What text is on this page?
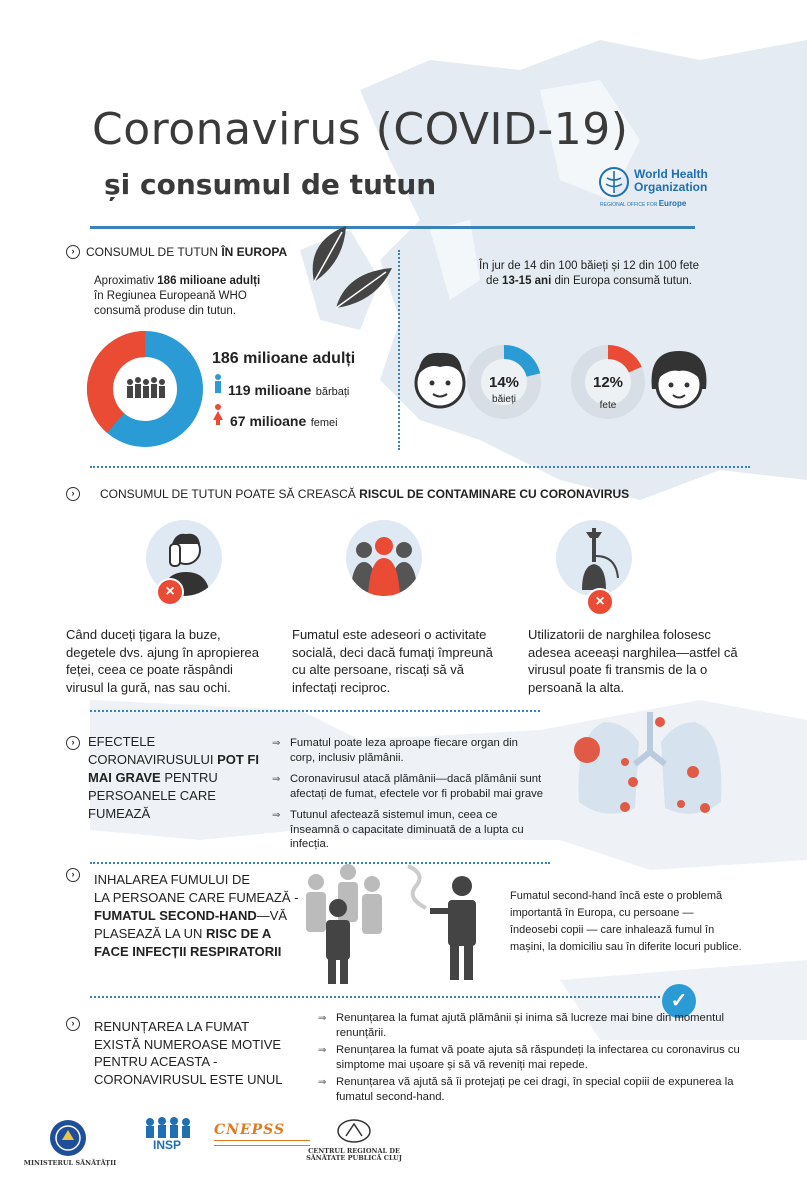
Coronavirus (COVID-19)
și consumul de tutun	World Health
Organization
REGIONAL OFFICE FOR Europe
› CONSUMUL DE TUTUN ÎN EUROPA
Aproximativ 186 milioane adulți
în Regiunea Europeană WHO
consumă produse din tutun.
186 milioane adulți
119 milioane bărbați
67 milioane femei
În jur de 14 din 100 băieți și 12 din 100 fete
de 13-15 ani din Europa consumă tutun.
14%
băieți
12%
fete
›	CONSUMUL DE TUTUN POATE SĂ CREASCĂ RISCUL DE CONTAMINARE CU CORONAVIRUS
×
×
Când duceți țigara la buze,
degetele dvs. ajung în apropierea
feței, ceea ce poate răspândi
virusul la gură, nas sau ochi.
Fumatul este adeseori o activitate
socială, deci dacă fumați împreună
cu alte persoane, riscați să vă
infectați reciproc.
Utilizatorii de narghilea folosesc
adesea aceeași narghilea—astfel că
virusul poate fi transmis de la o
persoană la alta.
›	EFECTELE
CORONAVIRUSULUI POT FI
MAI GRAVE PENTRU
PERSOANELE CARE
FUMEAZĂ
⇒ Fumatul poate leza aproape fiecare organ din
corp, inclusiv plămânii.
⇒ Coronavirusul atacă plămânii—dacă plămânii sunt
afectați de fumat, efectele vor fi probabil mai grave
⇒ Tutunul afectează sistemul imun, ceea ce
înseamnă o capacitate diminuată de a lupta cu
infecția.
›	INHALAREA FUMULUI DE
LA PERSOANE CARE FUMEAZĂ -
FUMATUL SECOND-HAND—VĂ
PLASEAZĂ LA UN RISC DE A
FACE INFECȚII RESPIRATORII
Fumatul second-hand încă este o problemă
importantă în Europa, cu persoane —
îndeosebi copii — care inhalează fumul în
mașini, la domiciliu sau în diferite locuri publice.
✓
›	RENUNȚAREA LA FUMAT
EXISTĂ NUMEROASE MOTIVE
PENTRU ACEASTA -
CORONAVIRUSUL ESTE UNUL
⇒ Renunțarea la fumat ajută plămânii și inima să lucreze mai bine din momentul
renunțării.
⇒ Renunțarea la fumat vă poate ajuta să răspundeți la infectarea cu coronavirus cu
simptome mai ușoare și să vă reveniți mai repede.
⇒ Renunțarea vă ajută să îi protejați pe cei dragi, în special copiii de expunerea la
fumatul second-hand.
MINISTERUL SĂNĂTĂȚII
INSP
CNEPSS
CENTRUL REGIONAL DE
SĂNĂTATE PUBLICĂ CLUJ
